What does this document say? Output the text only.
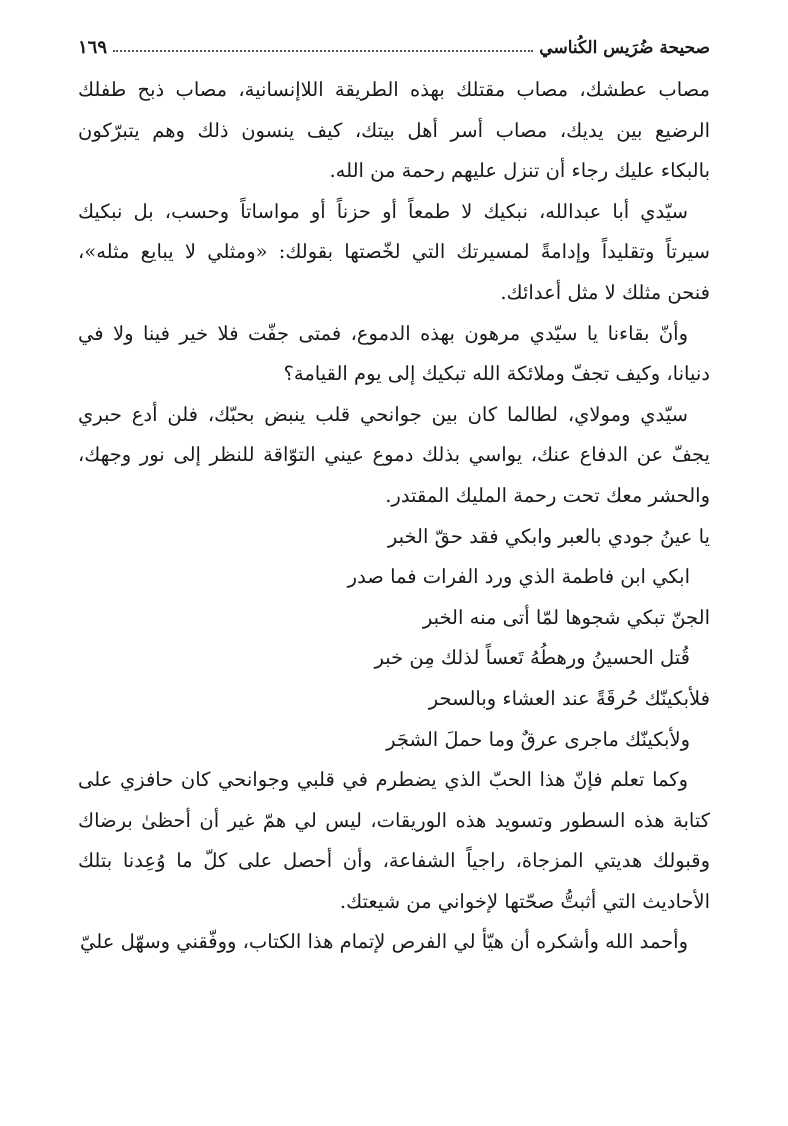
صحيحة ضُرَيس الكُناسي
١٦٩
مصاب عطشك، مصاب مقتلك بهذه الطريقة اللاإنسانية، مصاب ذبح طفلك
الرضيع بين يديك، مصاب أسر أهل بيتك، كيف ينسون ذلك وهم يتبرّكون
بالبكاء عليك رجاء أن تنزل عليهم رحمة من الله.
سيّدي أبا عبدالله، نبكيك لا طمعاً أو حزناً أو مواساتاً وحسب، بل نبكيك
سيرتاً وتقليداً وإدامةً لمسيرتك التي لخّصتها بقولك: «ومثلي لا يبايع مثله»،
فنحن مثلك لا مثل أعدائك.
وأنّ بقاءنا يا سيّدي مرهون بهذه الدموع، فمتى جفّت فلا خير فينا ولا في
دنيانا، وكيف تجفّ وملائكة الله تبكيك إلى يوم القيامة؟
سيّدي ومولاي، لطالما كان بين جوانحي قلب ينبض بحبّك، فلن أدع حبري
يجفّ عن الدفاع عنك، يواسي بذلك دموع عيني التوّاقة للنظر إلى نور وجهك،
والحشر معك تحت رحمة المليك المقتدر.
يا عينُ جودي بالعبر وابكي فقد حقّ الخبر
ابكي ابن فاطمة الذي ورد الفرات فما صدر
الجنّ تبكي شجوها لمّا أتى منه الخبر
قُتل الحسينُ ورهطُهُ تَعساً لذلك مِن خبر
فلأبكينّك حُرقَةً عند العشاء وبالسحر
ولأبكينّك ماجرى عرقٌ وما حملَ الشجَر
وكما تعلم فإنّ هذا الحبّ الذي يضطرم في قلبي وجوانحي كان حافزي على
كتابة هذه السطور وتسويد هذه الوريقات، ليس لي همّ غير أن أحظىٰ برضاك
وقبولك هديتي المزجاة، راجياً الشفاعة، وأن أحصل على كلّ ما وُعِدنا بتلك
الأحاديث التي أثبتُّ صحّتها لإخواني من شيعتك.
وأحمد الله وأشكره أن هيّأ لي الفرص لإتمام هذا الكتاب، ووفّقني وسهّل عليّ
